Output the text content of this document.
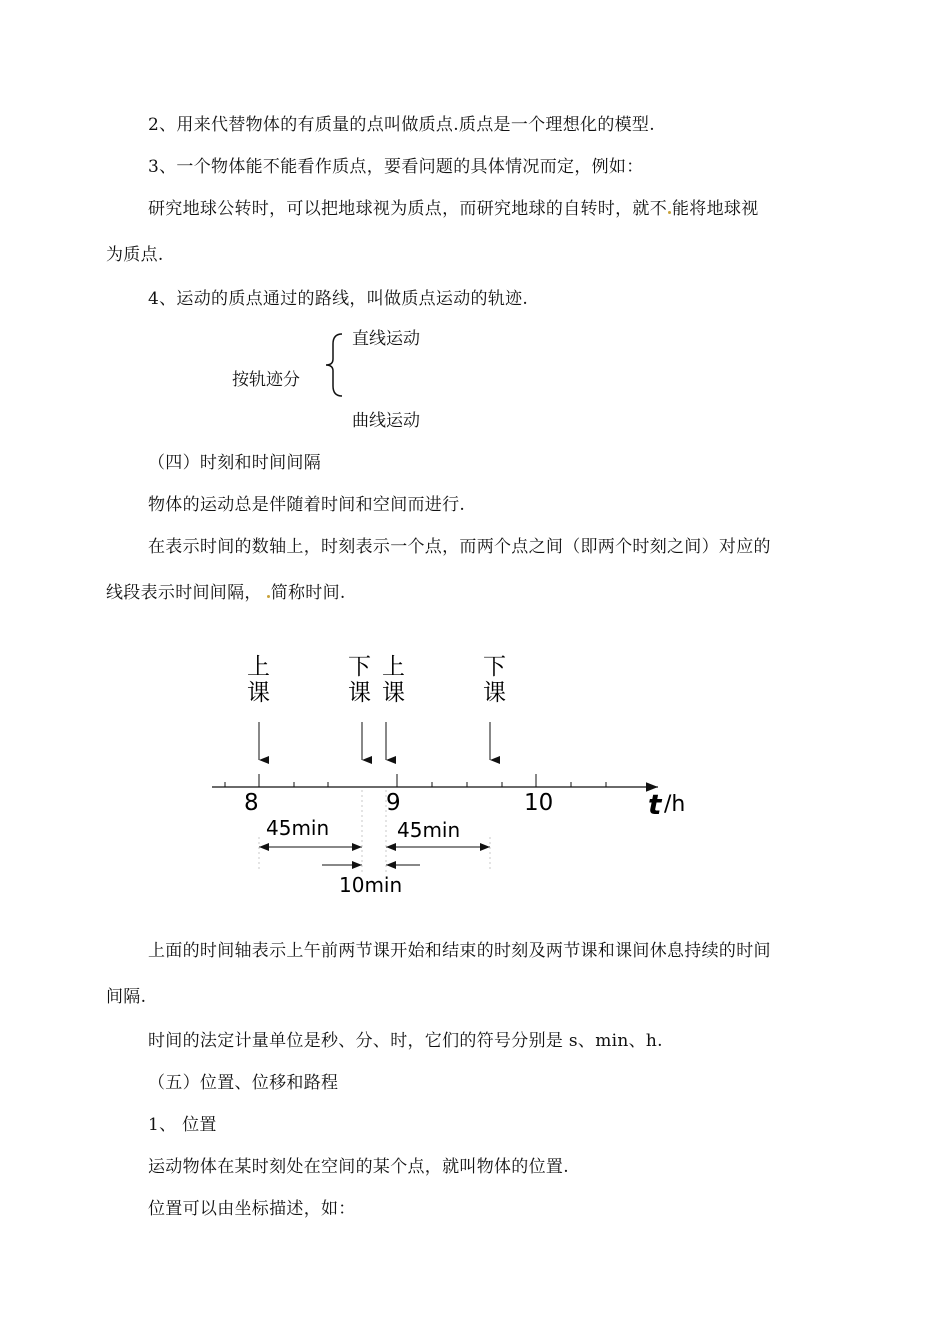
2、用来代替物体的有质量的点叫做质点.质点是一个理想化的模型.
3、一个物体能不能看作质点，要看问题的具体情况而定，例如：
研究地球公转时，可以把地球视为质点，而研究地球的自转时，就不 能将地球视
为质点.
4、运动的质点通过的路线，叫做质点运动的轨迹.
直线运动
按轨迹分
曲线运动
（四）时刻和时间间隔
物体的运动总是伴随着时间和空间而进行.
在表示时间的数轴上，时刻表示一个点，而两个点之间（即两个时刻之间）对应的
线段表示时间间隔， 简称时间.
上
课
下
课
上
课
下
课
8	9	10	t /h
45min	45min
10min
上面的时间轴表示上午前两节课开始和结束的时刻及两节课和课间休息持续的时间
间隔.
时间的法定计量单位是秒、分、时，它们的符号分别是 s、min、h.
（五）位置、位移和路程
1、 位置
运动物体在某时刻处在空间的某个点，就叫物体的位置.
位置可以由坐标描述，如：
